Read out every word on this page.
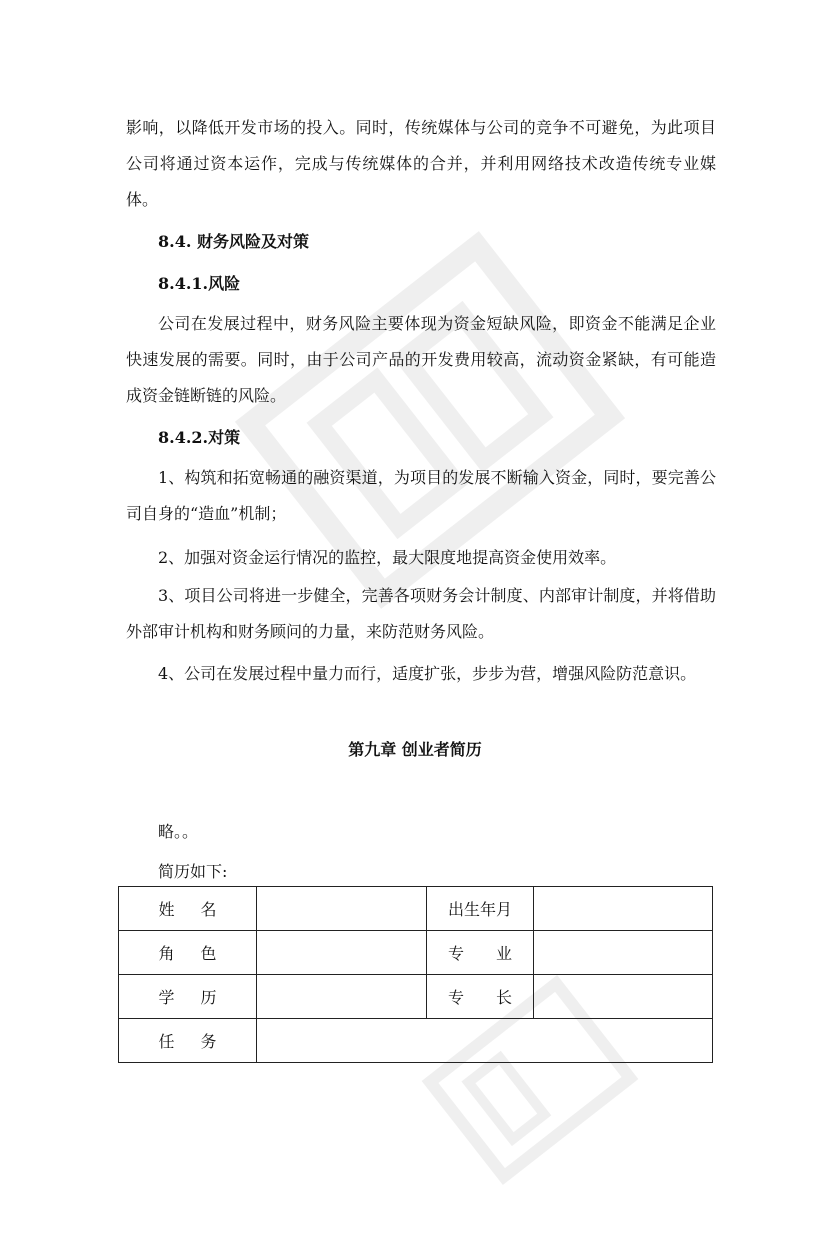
影响，以降低开发市场的投入。同时，传统媒体与公司的竞争不可避免，为此项目公司将通过资本运作，完成与传统媒体的合并，并利用网络技术改造传统专业媒体。

8.4. 财务风险及对策

8.4.1.风险

公司在发展过程中，财务风险主要体现为资金短缺风险，即资金不能满足企业快速发展的需要。同时，由于公司产品的开发费用较高，流动资金紧缺，有可能造成资金链断链的风险。

8.4.2.对策

1、构筑和拓宽畅通的融资渠道，为项目的发展不断输入资金，同时，要完善公司自身的“造血”机制；

2、加强对资金运行情况的监控，最大限度地提高资金使用效率。

3、项目公司将进一步健全，完善各项财务会计制度、内部审计制度，并将借助外部审计机构和财务顾问的力量，来防范财务风险。

4、公司在发展过程中量力而行，适度扩张，步步为营，增强风险防范意识。

第九章 创业者简历

略。。

简历如下:

姓名		出生年月	
角色		专业	
学历		专长	
任务			
